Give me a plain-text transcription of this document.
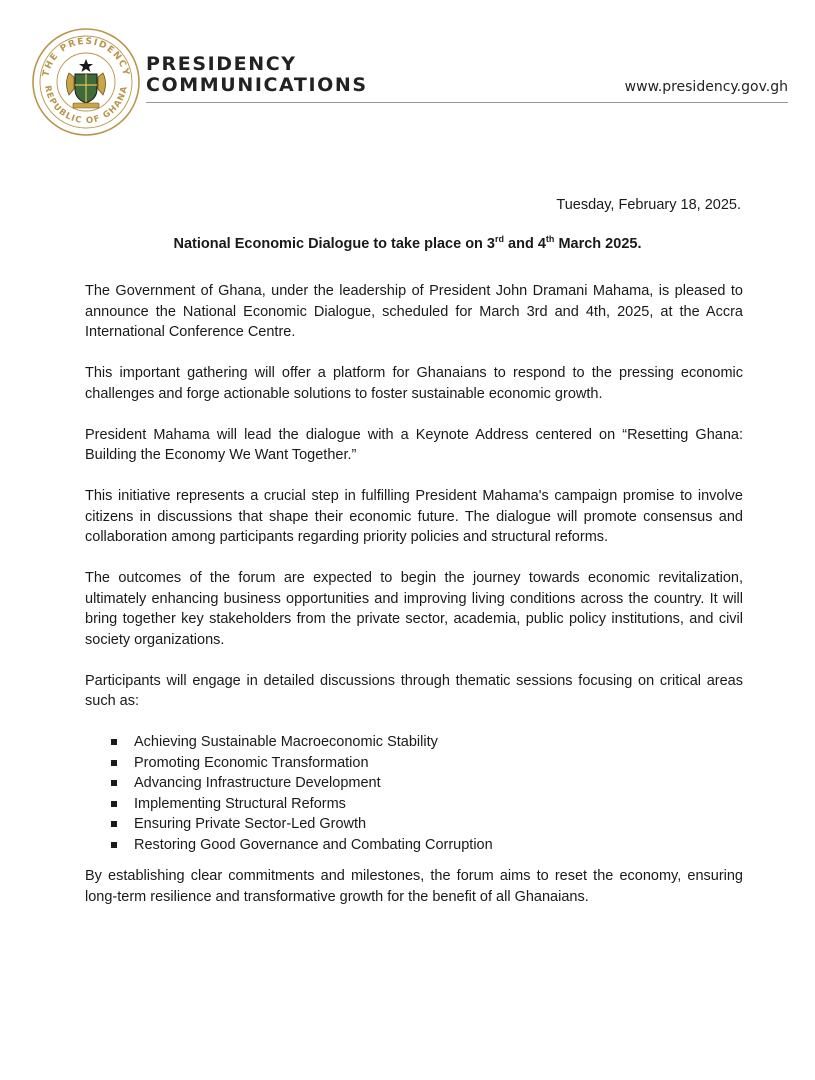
THE PRESIDENCY
REPUBLIC OF GHANA
PRESIDENCY
COMMUNICATIONS	www.presidency.gov.gh
Tuesday, February 18, 2025.
National Economic Dialogue to take place on 3rd and 4th March 2025.

The Government of Ghana, under the leadership of President John Dramani Mahama, is pleased to announce the National Economic Dialogue, scheduled for March 3rd and 4th, 2025, at the Accra International Conference Centre.

This important gathering will offer a platform for Ghanaians to respond to the pressing economic challenges and forge actionable solutions to foster sustainable economic growth.

President Mahama will lead the dialogue with a Keynote Address centered on “Resetting Ghana: Building the Economy We Want Together.”

This initiative represents a crucial step in fulfilling President Mahama's campaign promise to involve citizens in discussions that shape their economic future. The dialogue will promote consensus and collaboration among participants regarding priority policies and structural reforms.

The outcomes of the forum are expected to begin the journey towards economic revitalization, ultimately enhancing business opportunities and improving living conditions across the country. It will bring together key stakeholders from the private sector, academia, public policy institutions, and civil society organizations.

Participants will engage in detailed discussions through thematic sessions focusing on critical areas such as:

Achieving Sustainable Macroeconomic Stability
Promoting Economic Transformation
Advancing Infrastructure Development
Implementing Structural Reforms
Ensuring Private Sector-Led Growth
Restoring Good Governance and Combating Corruption

By establishing clear commitments and milestones, the forum aims to reset the economy, ensuring long-term resilience and transformative growth for the benefit of all Ghanaians.
